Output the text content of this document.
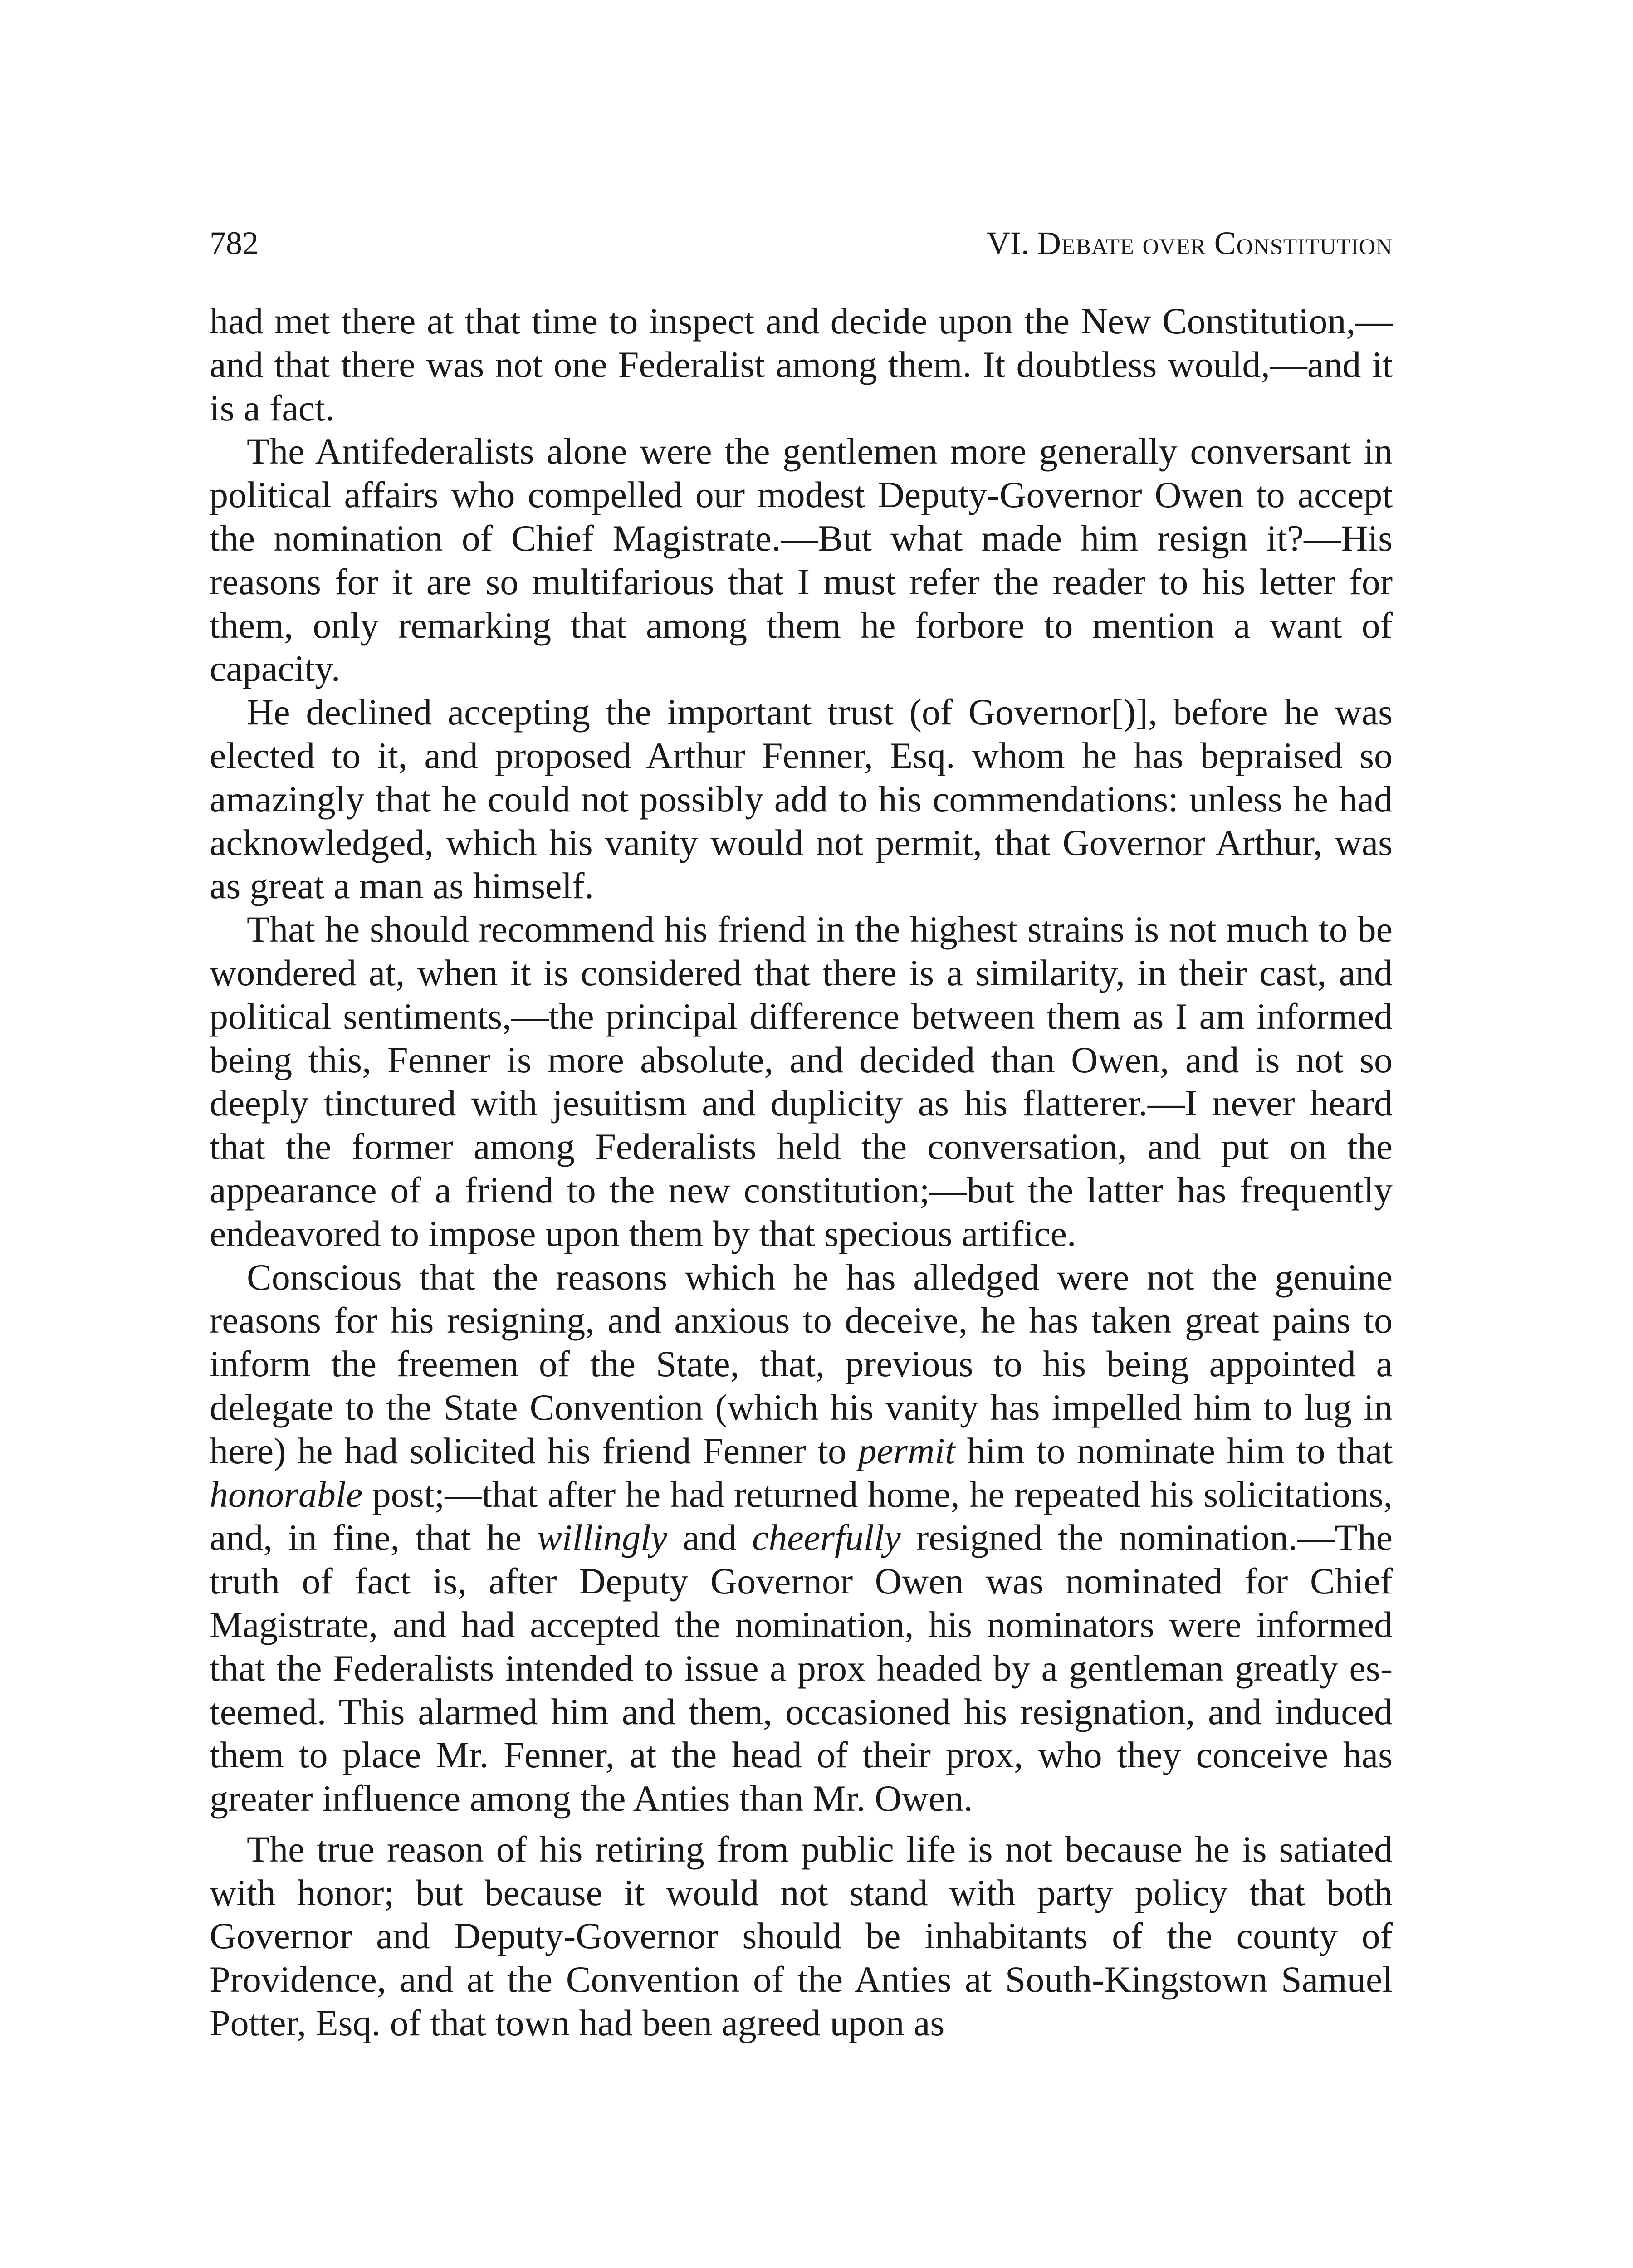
782	VI. Debate over Constitution

had met there at that time to inspect and decide upon the New Constitution,—and that there was not one Federalist among them. It doubtless would,—and it is a fact.

The Antifederalists alone were the gentlemen more generally conversant in political affairs who compelled our modest Deputy-Governor Owen to accept the nomination of Chief Magistrate.—But what made him resign it?—His reasons for it are so multifarious that I must refer the reader to his letter for them, only remarking that among them he forbore to mention a want of capacity.

He declined accepting the important trust (of Governor[)], before he was elected to it, and proposed Arthur Fenner, Esq. whom he has bepraised so amazingly that he could not possibly add to his commendations: unless he had acknowledged, which his vanity would not permit, that Governor Arthur, was as great a man as himself.

That he should recommend his friend in the highest strains is not much to be wondered at, when it is considered that there is a similarity, in their cast, and political sentiments,—the principal difference between them as I am informed being this, Fenner is more absolute, and decided than Owen, and is not so deeply tinctured with jesuitism and duplicity as his flatterer.—I never heard that the former among Federalists held the conversation, and put on the appearance of a friend to the new constitution;—but the latter has frequently endeavored to impose upon them by that specious artifice.

Conscious that the reasons which he has alledged were not the genuine reasons for his resigning, and anxious to deceive, he has taken great pains to inform the freemen of the State, that, previous to his being appointed a delegate to the State Convention (which his vanity has impelled him to lug in here) he had solicited his friend Fenner to permit him to nominate him to that honorable post;—that after he had returned home, he repeated his solicitations, and, in fine, that he willingly and cheerfully resigned the nomination.—The truth of fact is, after Deputy Governor Owen was nominated for Chief Magistrate, and had accepted the nomination, his nominators were informed that the Federalists intended to issue a prox headed by a gentleman greatly esteemed. This alarmed him and them, occasioned his resignation, and induced them to place Mr. Fenner, at the head of their prox, who they conceive has greater influence among the Anties than Mr. Owen.

The true reason of his retiring from public life is not because he is satiated with honor; but because it would not stand with party policy that both Governor and Deputy-Governor should be inhabitants of the county of Providence, and at the Convention of the Anties at South-Kingstown Samuel Potter, Esq. of that town had been agreed upon as
